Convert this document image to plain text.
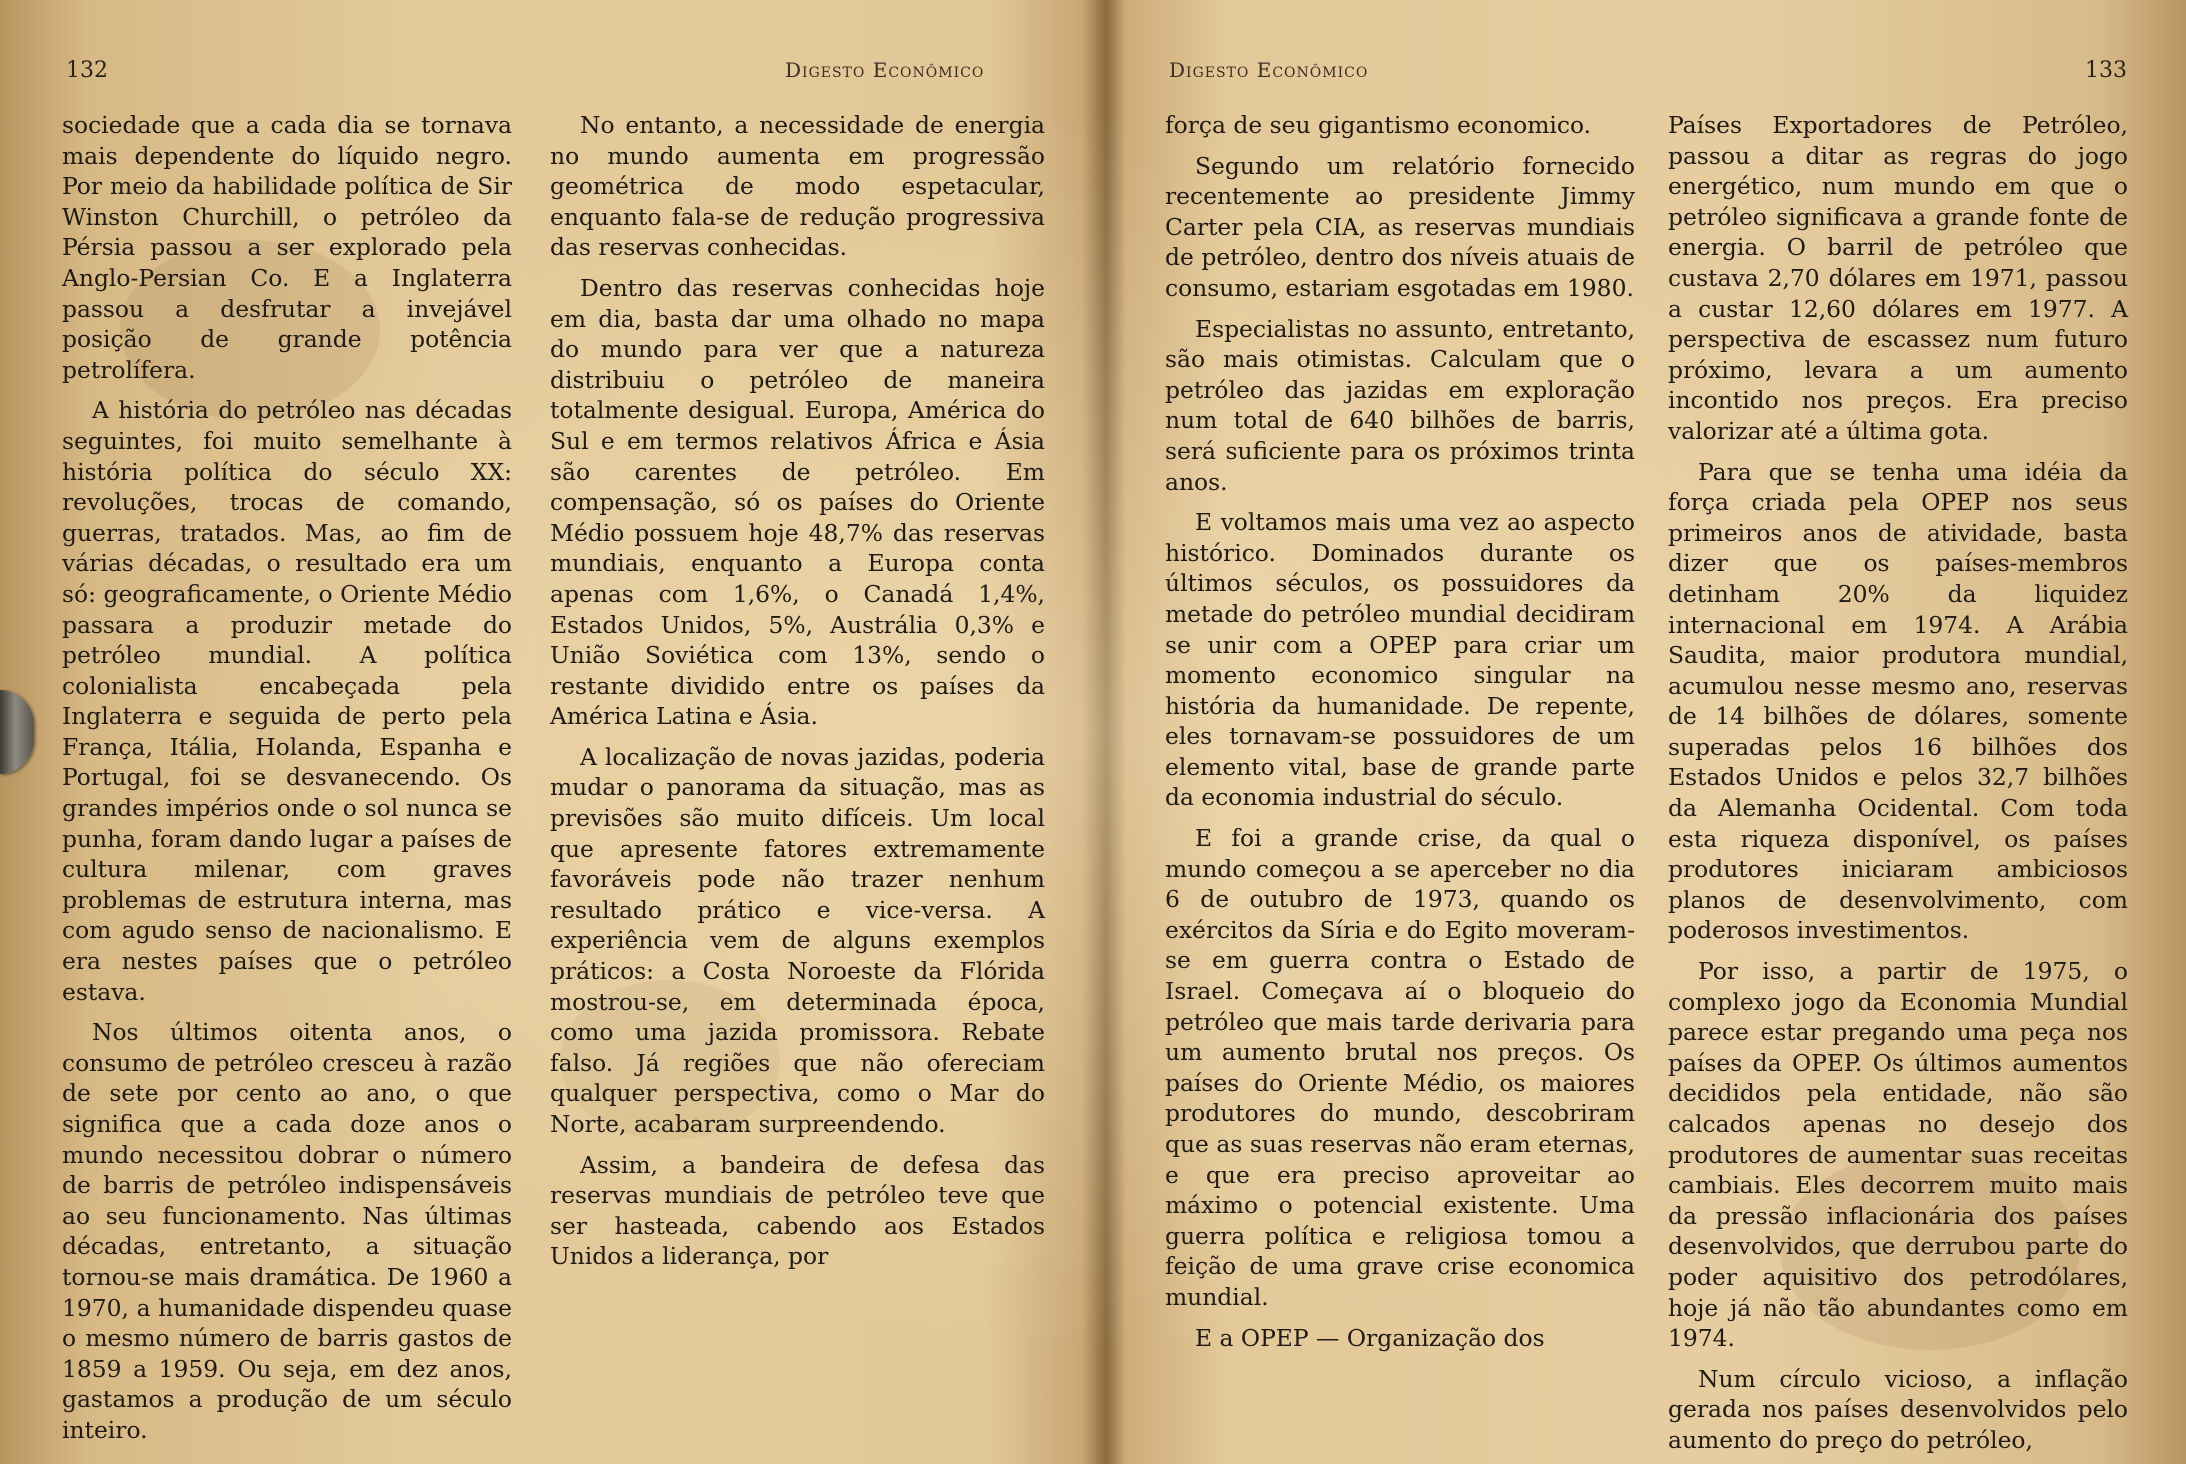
132	Digesto Econômico

sociedade que a cada dia se tornava mais dependente do líquido negro. Por meio da habilidade política de Sir Winston Churchill, o petróleo da Pérsia passou a ser explorado pela Anglo-Persian Co. E a Inglaterra passou a desfrutar a invejável posição de grande potência petrolífera.

A história do petróleo nas décadas seguintes, foi muito semelhante à história política do século XX: revoluções, trocas de comando, guerras, tratados. Mas, ao fim de várias décadas, o resultado era um só: geograficamente, o Oriente Médio passara a produzir metade do petróleo mundial. A política colonialista encabeçada pela Inglaterra e seguida de perto pela França, Itália, Holanda, Espanha e Portugal, foi se desvanecendo. Os grandes impérios onde o sol nunca se punha, foram dando lugar a países de cultura milenar, com graves problemas de estrutura interna, mas com agudo senso de nacionalismo. E era nestes países que o petróleo estava.

Nos últimos oitenta anos, o consumo de petróleo cresceu à razão de sete por cento ao ano, o que significa que a cada doze anos o mundo necessitou dobrar o número de barris de petróleo indispensáveis ao seu funcionamento. Nas últimas décadas, entretanto, a situação tornou-se mais dramática. De 1960 a 1970, a humanidade dispendeu quase o mesmo número de barris gastos de 1859 a 1959. Ou seja, em dez anos, gastamos a produção de um século inteiro.

No entanto, a necessidade de energia no mundo aumenta em progressão geométrica de modo espetacular, enquanto fala-se de redução progressiva das reservas conhecidas.

Dentro das reservas conhecidas hoje em dia, basta dar uma olhado no mapa do mundo para ver que a natureza distribuiu o petróleo de maneira totalmente desigual. Europa, América do Sul e em termos relativos África e Ásia são carentes de petróleo. Em compensação, só os países do Oriente Médio possuem hoje 48,7% das reservas mundiais, enquanto a Europa conta apenas com 1,6%, o Canadá 1,4%, Estados Unidos, 5%, Austrália 0,3% e União Soviética com 13%, sendo o restante dividido entre os países da América Latina e Ásia.

A localização de novas jazidas, poderia mudar o panorama da situação, mas as previsões são muito difíceis. Um local que apresente fatores extremamente favoráveis pode não trazer nenhum resultado prático e vice-versa. A experiência vem de alguns exemplos práticos: a Costa Noroeste da Flórida mostrou-se, em determinada época, como uma jazida promissora. Rebate falso. Já regiões que não ofereciam qualquer perspectiva, como o Mar do Norte, acabaram surpreendendo.

Assim, a bandeira de defesa das reservas mundiais de petróleo teve que ser hasteada, cabendo aos Estados Unidos a liderança, por

Digesto Econômico	133

força de seu gigantismo economico.

Segundo um relatório fornecido recentemente ao presidente Jimmy Carter pela CIA, as reservas mundiais de petróleo, dentro dos níveis atuais de consumo, estariam esgotadas em 1980.

Especialistas no assunto, entretanto, são mais otimistas. Calculam que o petróleo das jazidas em exploração num total de 640 bilhões de barris, será suficiente para os próximos trinta anos.

E voltamos mais uma vez ao aspecto histórico. Dominados durante os últimos séculos, os possuidores da metade do petróleo mundial decidiram se unir com a OPEP para criar um momento economico singular na história da humanidade. De repente, eles tornavam-se possuidores de um elemento vital, base de grande parte da economia industrial do século.

E foi a grande crise, da qual o mundo começou a se aperceber no dia 6 de outubro de 1973, quando os exércitos da Síria e do Egito moveram-se em guerra contra o Estado de Israel. Começava aí o bloqueio do petróleo que mais tarde derivaria para um aumento brutal nos preços. Os países do Oriente Médio, os maiores produtores do mundo, descobriram que as suas reservas não eram eternas, e que era preciso aproveitar ao máximo o potencial existente. Uma guerra política e religiosa tomou a feição de uma grave crise economica mundial.

E a OPEP — Organização dos

Países Exportadores de Petróleo, passou a ditar as regras do jogo energético, num mundo em que o petróleo significava a grande fonte de energia. O barril de petróleo que custava 2,70 dólares em 1971, passou a custar 12,60 dólares em 1977. A perspectiva de escassez num futuro próximo, levara a um aumento incontido nos preços. Era preciso valorizar até a última gota.

Para que se tenha uma idéia da força criada pela OPEP nos seus primeiros anos de atividade, basta dizer que os países-membros detinham 20% da liquidez internacional em 1974. A Arábia Saudita, maior produtora mundial, acumulou nesse mesmo ano, reservas de 14 bilhões de dólares, somente superadas pelos 16 bilhões dos Estados Unidos e pelos 32,7 bilhões da Alemanha Ocidental. Com toda esta riqueza disponível, os países produtores iniciaram ambiciosos planos de desenvolvimento, com poderosos investimentos.

Por isso, a partir de 1975, o complexo jogo da Economia Mundial parece estar pregando uma peça nos países da OPEP. Os últimos aumentos decididos pela entidade, não são calcados apenas no desejo dos produtores de aumentar suas receitas cambiais. Eles decorrem muito mais da pressão inflacionária dos países desenvolvidos, que derrubou parte do poder aquisitivo dos petrodólares, hoje já não tão abundantes como em 1974.

Num círculo vicioso, a inflação gerada nos países desenvolvidos pelo aumento do preço do petróleo,
